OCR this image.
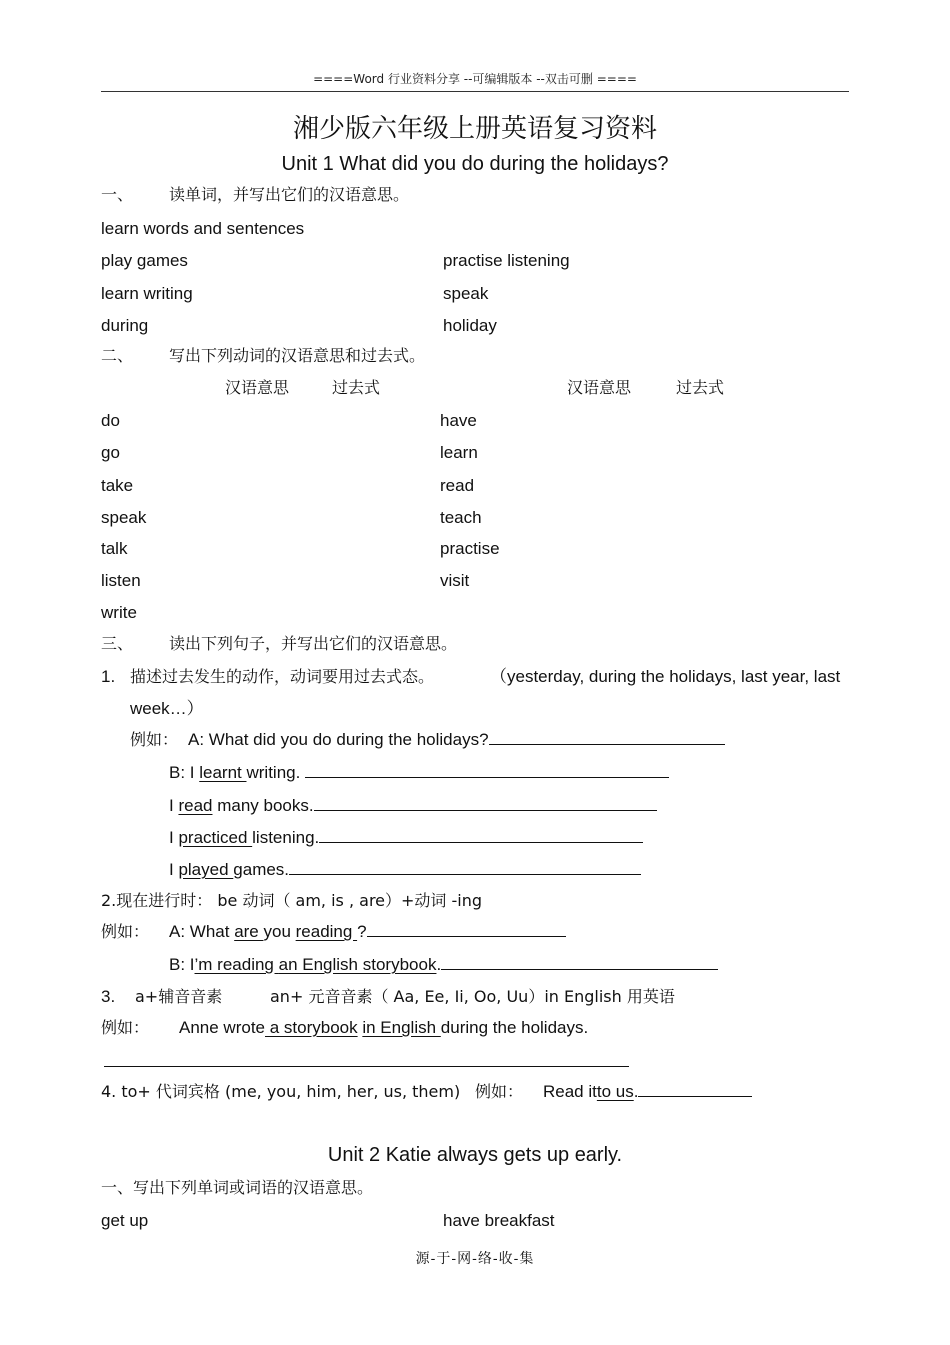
====Word 行业资料分享 --可编辑版本 --双击可删 ====
湘少版六年级上册英语复习资料
Unit 1 What did you do during the holidays?
一、 读单词，并写出它们的汉语意思。
learn words and sentences
play games	practise listening
learn writing	speak
during	holiday
二、 写出下列动词的汉语意思和过去式。
汉语意思	过去式	汉语意思	过去式
do	have
go	learn
take	read
speak	teach
talk	practise
listen	visit
write
三、 读出下列句子，并写出它们的汉语意思。
1. 描述过去发生的动作，动词要用过去式态。	（yesterday, during the holidays, last year, last
week…）
例如： A: What did you do during the holidays?
B: I learnt writing.
I read many books.
I practiced listening.
I played games.
2.现在进行时： be 动词（ am, is , are）+动词 -ing
例如： A: What are you reading ?
B: I’m reading an English storybook.
3. a+辅音音素	an+ 元音音素（ Aa, Ee, Ii, Oo, Uu）in English 用英语
例如： Anne wrote a storybook in English during the holidays.
4. to+ 代词宾格 (me, you, him, her, us, them) 例如： Read itto us.
Unit 2 Katie always gets up early.
一、写出下列单词或词语的汉语意思。
get up	have breakfast
源-于-网-络-收-集
